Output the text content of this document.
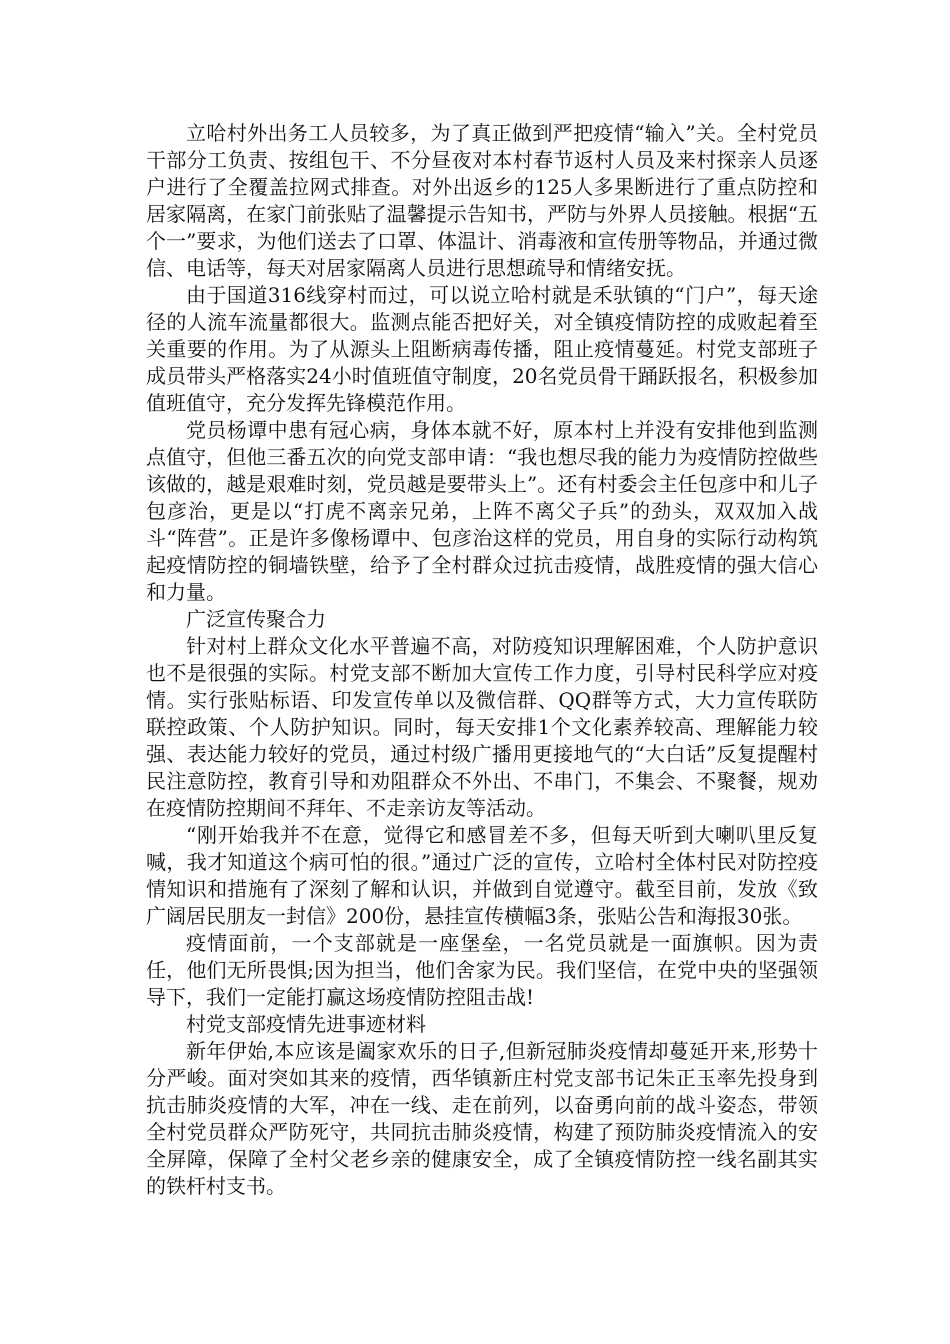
立哈村外出务工人员较多，为了真正做到严把疫情“输入”关。全村党员干部分工负责、按组包干、不分昼夜对本村春节返村人员及来村探亲人员逐户进行了全覆盖拉网式排查。对外出返乡的125人多果断进行了重点防控和居家隔离，在家门前张贴了温馨提示告知书，严防与外界人员接触。根据“五个一”要求，为他们送去了口罩、体温计、消毒液和宣传册等物品，并通过微信、电话等，每天对居家隔离人员进行思想疏导和情绪安抚。

由于国道316线穿村而过，可以说立哈村就是禾驮镇的“门户”，每天途径的人流车流量都很大。监测点能否把好关，对全镇疫情防控的成败起着至关重要的作用。为了从源头上阻断病毒传播，阻止疫情蔓延。村党支部班子成员带头严格落实24小时值班值守制度，20名党员骨干踊跃报名，积极参加值班值守，充分发挥先锋模范作用。

党员杨谭中患有冠心病，身体本就不好，原本村上并没有安排他到监测点值守，但他三番五次的向党支部申请：“我也想尽我的能力为疫情防控做些该做的，越是艰难时刻，党员越是要带头上”。还有村委会主任包彦中和儿子包彦治，更是以“打虎不离亲兄弟，上阵不离父子兵”的劲头，双双加入战斗“阵营”。正是许多像杨谭中、包彦治这样的党员，用自身的实际行动构筑起疫情防控的铜墙铁壁，给予了全村群众过抗击疫情，战胜疫情的强大信心和力量。

广泛宣传聚合力

针对村上群众文化水平普遍不高，对防疫知识理解困难，个人防护意识也不是很强的实际。村党支部不断加大宣传工作力度，引导村民科学应对疫情。实行张贴标语、印发宣传单以及微信群、QQ群等方式，大力宣传联防联控政策、个人防护知识。同时，每天安排1个文化素养较高、理解能力较强、表达能力较好的党员，通过村级广播用更接地气的“大白话”反复提醒村民注意防控，教育引导和劝阻群众不外出、不串门，不集会、不聚餐，规劝在疫情防控期间不拜年、不走亲访友等活动。

“刚开始我并不在意，觉得它和感冒差不多，但每天听到大喇叭里反复喊，我才知道这个病可怕的很。”通过广泛的宣传，立哈村全体村民对防控疫情知识和措施有了深刻了解和认识，并做到自觉遵守。截至目前，发放《致广阔居民朋友一封信》200份，悬挂宣传横幅3条，张贴公告和海报30张。

疫情面前，一个支部就是一座堡垒，一名党员就是一面旗帜。因为责任，他们无所畏惧;因为担当，他们舍家为民。我们坚信，在党中央的坚强领导下，我们一定能打赢这场疫情防控阻击战!

村党支部疫情先进事迹材料

新年伊始,本应该是阖家欢乐的日子,但新冠肺炎疫情却蔓延开来,形势十分严峻。面对突如其来的疫情，西华镇新庄村党支部书记朱正玉率先投身到抗击肺炎疫情的大军，冲在一线、走在前列，以奋勇向前的战斗姿态，带领全村党员群众严防死守，共同抗击肺炎疫情，构建了预防肺炎疫情流入的安全屏障，保障了全村父老乡亲的健康安全，成了全镇疫情防控一线名副其实的铁杆村支书。
